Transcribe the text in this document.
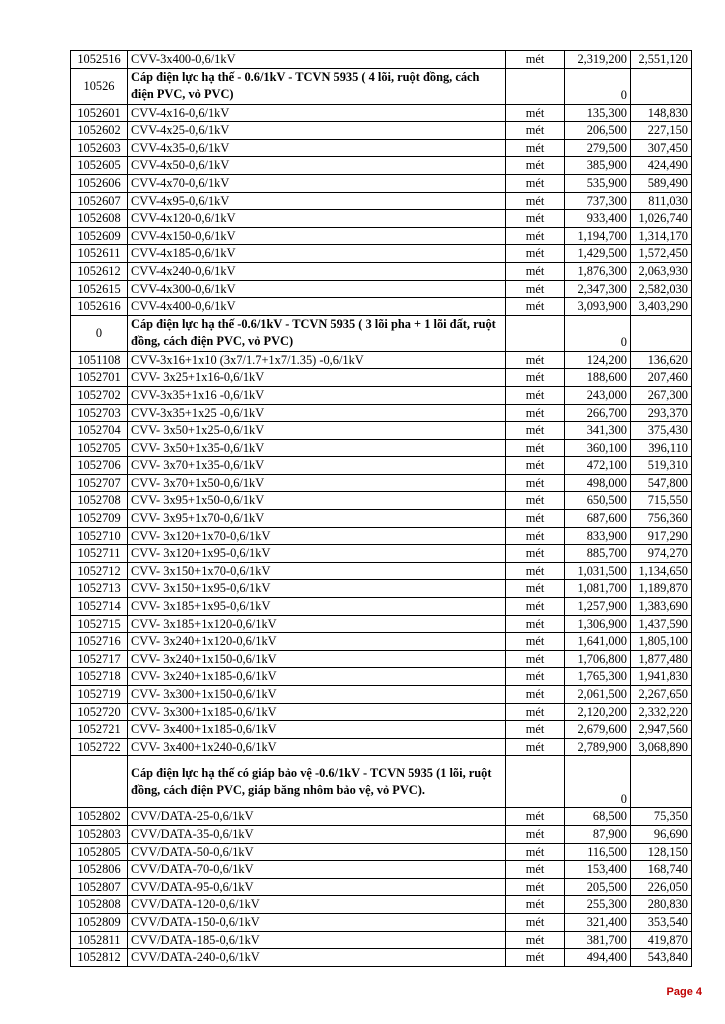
1052516	CVV-3x400-0,6/1kV	mét	2,319,200	2,551,120
10526	Cáp điện lực hạ thế - 0.6/1kV - TCVN 5935 ( 4 lõi, ruột đồng, cách điện PVC, vỏ PVC)		0	
1052601	CVV-4x16-0,6/1kV	mét	135,300	148,830
1052602	CVV-4x25-0,6/1kV	mét	206,500	227,150
1052603	CVV-4x35-0,6/1kV	mét	279,500	307,450
1052605	CVV-4x50-0,6/1kV	mét	385,900	424,490
1052606	CVV-4x70-0,6/1kV	mét	535,900	589,490
1052607	CVV-4x95-0,6/1kV	mét	737,300	811,030
1052608	CVV-4x120-0,6/1kV	mét	933,400	1,026,740
1052609	CVV-4x150-0,6/1kV	mét	1,194,700	1,314,170
1052611	CVV-4x185-0,6/1kV	mét	1,429,500	1,572,450
1052612	CVV-4x240-0,6/1kV	mét	1,876,300	2,063,930
1052615	CVV-4x300-0,6/1kV	mét	2,347,300	2,582,030
1052616	CVV-4x400-0,6/1kV	mét	3,093,900	3,403,290
0	Cáp điện lực hạ thế -0.6/1kV - TCVN 5935 ( 3 lõi pha + 1 lõi đất, ruột đồng, cách điện PVC, vỏ PVC)		0	
1051108	CVV-3x16+1x10 (3x7/1.7+1x7/1.35) -0,6/1kV	mét	124,200	136,620
1052701	CVV- 3x25+1x16-0,6/1kV	mét	188,600	207,460
1052702	CVV-3x35+1x16 -0,6/1kV	mét	243,000	267,300
1052703	CVV-3x35+1x25 -0,6/1kV	mét	266,700	293,370
1052704	CVV- 3x50+1x25-0,6/1kV	mét	341,300	375,430
1052705	CVV- 3x50+1x35-0,6/1kV	mét	360,100	396,110
1052706	CVV- 3x70+1x35-0,6/1kV	mét	472,100	519,310
1052707	CVV- 3x70+1x50-0,6/1kV	mét	498,000	547,800
1052708	CVV- 3x95+1x50-0,6/1kV	mét	650,500	715,550
1052709	CVV- 3x95+1x70-0,6/1kV	mét	687,600	756,360
1052710	CVV- 3x120+1x70-0,6/1kV	mét	833,900	917,290
1052711	CVV- 3x120+1x95-0,6/1kV	mét	885,700	974,270
1052712	CVV- 3x150+1x70-0,6/1kV	mét	1,031,500	1,134,650
1052713	CVV- 3x150+1x95-0,6/1kV	mét	1,081,700	1,189,870
1052714	CVV- 3x185+1x95-0,6/1kV	mét	1,257,900	1,383,690
1052715	CVV- 3x185+1x120-0,6/1kV	mét	1,306,900	1,437,590
1052716	CVV- 3x240+1x120-0,6/1kV	mét	1,641,000	1,805,100
1052717	CVV- 3x240+1x150-0,6/1kV	mét	1,706,800	1,877,480
1052718	CVV- 3x240+1x185-0,6/1kV	mét	1,765,300	1,941,830
1052719	CVV- 3x300+1x150-0,6/1kV	mét	2,061,500	2,267,650
1052720	CVV- 3x300+1x185-0,6/1kV	mét	2,120,200	2,332,220
1052721	CVV- 3x400+1x185-0,6/1kV	mét	2,679,600	2,947,560
1052722	CVV- 3x400+1x240-0,6/1kV	mét	2,789,900	3,068,890
	Cáp điện lực hạ thế có giáp bảo vệ -0.6/1kV - TCVN 5935 (1 lõi, ruột đồng, cách điện PVC, giáp băng nhôm bảo vệ, vỏ PVC).		0	
1052802	CVV/DATA-25-0,6/1kV	mét	68,500	75,350
1052803	CVV/DATA-35-0,6/1kV	mét	87,900	96,690
1052805	CVV/DATA-50-0,6/1kV	mét	116,500	128,150
1052806	CVV/DATA-70-0,6/1kV	mét	153,400	168,740
1052807	CVV/DATA-95-0,6/1kV	mét	205,500	226,050
1052808	CVV/DATA-120-0,6/1kV	mét	255,300	280,830
1052809	CVV/DATA-150-0,6/1kV	mét	321,400	353,540
1052811	CVV/DATA-185-0,6/1kV	mét	381,700	419,870
1052812	CVV/DATA-240-0,6/1kV	mét	494,400	543,840
Page 4
